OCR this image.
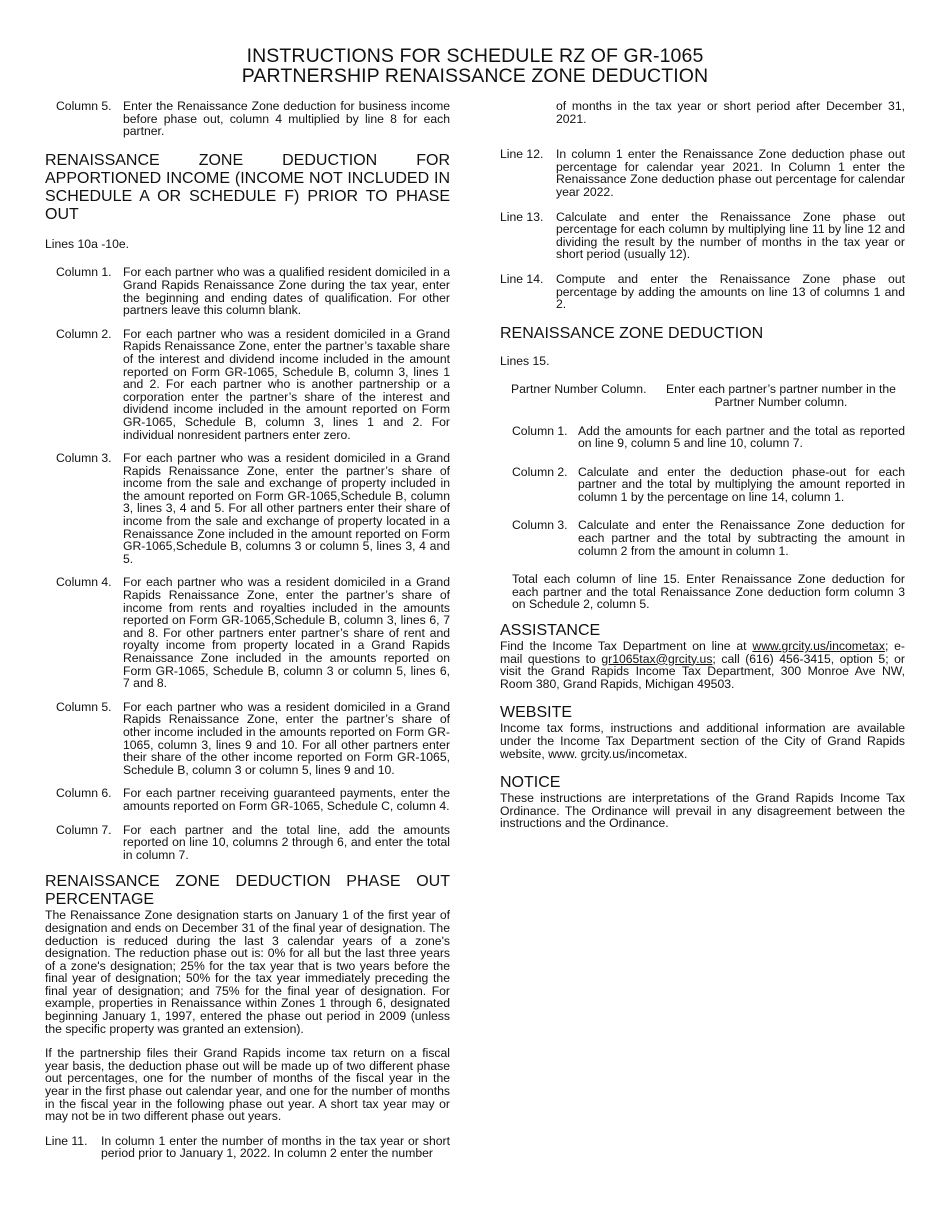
INSTRUCTIONS FOR SCHEDULE RZ OF GR-1065
PARTNERSHIP RENAISSANCE ZONE DEDUCTION
Column 5. Enter the Renaissance Zone deduction for business income before phase out, column 4 multiplied by line 8 for each partner.

RENAISSANCE ZONE DEDUCTION FOR APPORTIONED INCOME (INCOME NOT INCLUDED IN SCHEDULE A OR SCHEDULE F) PRIOR TO PHASE OUT

Lines 10a -10e.

Column 1. For each partner who was a qualified resident domiciled in a Grand Rapids Renaissance Zone during the tax year, enter the beginning and ending dates of qualification. For other partners leave this column blank.
Column 2. For each partner who was a resident domiciled in a Grand Rapids Renaissance Zone, enter the partner’s taxable share of the interest and dividend income included in the amount reported on Form GR-1065, Schedule B, column 3, lines 1 and 2. For each partner who is another partnership or a corporation enter the partner’s share of the interest and dividend income included in the amount reported on Form GR-1065, Schedule B, column 3, lines 1 and 2. For individual nonresident partners enter zero.
Column 3. For each partner who was a resident domiciled in a Grand Rapids Renaissance Zone, enter the partner’s share of income from the sale and exchange of property included in the amount reported on Form GR-1065,Schedule B, column 3, lines 3, 4 and 5. For all other partners enter their share of income from the sale and exchange of property located in a Renaissance Zone included in the amount reported on Form GR-1065,Schedule B, columns 3 or column 5, lines 3, 4 and 5.
Column 4. For each partner who was a resident domiciled in a Grand Rapids Renaissance Zone, enter the partner’s share of income from rents and royalties included in the amounts reported on Form GR-1065,Schedule B, column 3, lines 6, 7 and 8. For other partners enter partner’s share of rent and royalty income from property located in a Grand Rapids Renaissance Zone included in the amounts reported on Form GR-1065, Schedule B, column 3 or column 5, lines 6, 7 and 8.
Column 5. For each partner who was a resident domiciled in a Grand Rapids Renaissance Zone, enter the partner’s share of other income included in the amounts reported on Form GR-1065, column 3, lines 9 and 10. For all other partners enter their share of the other income reported on Form GR-1065, Schedule B, column 3 or column 5, lines 9 and 10.
Column 6. For each partner receiving guaranteed payments, enter the amounts reported on Form GR-1065, Schedule C, column 4.
Column 7. For each partner and the total line, add the amounts reported on line 10, columns 2 through 6, and enter the total in column 7.

RENAISSANCE ZONE DEDUCTION PHASE OUT PERCENTAGE

The Renaissance Zone designation starts on January 1 of the first year of designation and ends on December 31 of the final year of designation. The deduction is reduced during the last 3 calendar years of a zone's designation. The reduction phase out is: 0% for all but the last three years of a zone's designation; 25% for the tax year that is two years before the final year of designation; 50% for the tax year immediately preceding the final year of designation; and 75% for the final year of designation. For example, properties in Renaissance within Zones 1 through 6, designated beginning January 1, 1997, entered the phase out period in 2009 (unless the specific property was granted an extension).

If the partnership files their Grand Rapids income tax return on a fiscal year basis, the deduction phase out will be made up of two different phase out percentages, one for the number of months of the fiscal year in the year in the first phase out calendar year, and one for the number of months in the fiscal year in the following phase out year. A short tax year may or may not be in two different phase out years.

Line 11.	In column 1 enter the number of months in the tax year or short period prior to January 1, 2022. In column 2 enter the number

of months in the tax year or short period after December 31, 2021.

Line 12.	In column 1 enter the Renaissance Zone deduction phase out percentage for calendar year 2021. In Column 1 enter the Renaissance Zone deduction phase out percentage for calendar year 2022.
Line 13.	Calculate and enter the Renaissance Zone phase out percentage for each column by multiplying line 11 by line 12 and dividing the result by the number of months in the tax year or short period (usually 12).
Line 14.	Compute and enter the Renaissance Zone phase out percentage by adding the amounts on line 13 of columns 1 and 2.

RENAISSANCE ZONE DEDUCTION

Lines 15.

Partner Number Column.	Enter each partner’s partner number in the Partner Number column.
Column 1. Add the amounts for each partner and the total as reported on line 9, column 5 and line 10, column 7.
Column 2. Calculate and enter the deduction phase-out for each partner and the total by multiplying the amount reported in column 1 by the percentage on line 14, column 1.
Column 3. Calculate and enter the Renaissance Zone deduction for each partner and the total by subtracting the amount in column 2 from the amount in column 1.

Total each column of line 15. Enter Renaissance Zone deduction for each partner and the total Renaissance Zone deduction form column 3 on Schedule 2, column 5.

ASSISTANCE

Find the Income Tax Department on line at www.grcity.us/incometax; e-mail questions to gr1065tax@grcity.us; call (616) 456-3415, option 5; or visit the Grand Rapids Income Tax Department, 300 Monroe Ave NW, Room 380, Grand Rapids, Michigan 49503.

WEBSITE

Income tax forms, instructions and additional information are available under the Income Tax Department section of the City of Grand Rapids website, www. grcity.us/incometax.

NOTICE

These instructions are interpretations of the Grand Rapids Income Tax Ordinance. The Ordinance will prevail in any disagreement between the instructions and the Ordinance.
